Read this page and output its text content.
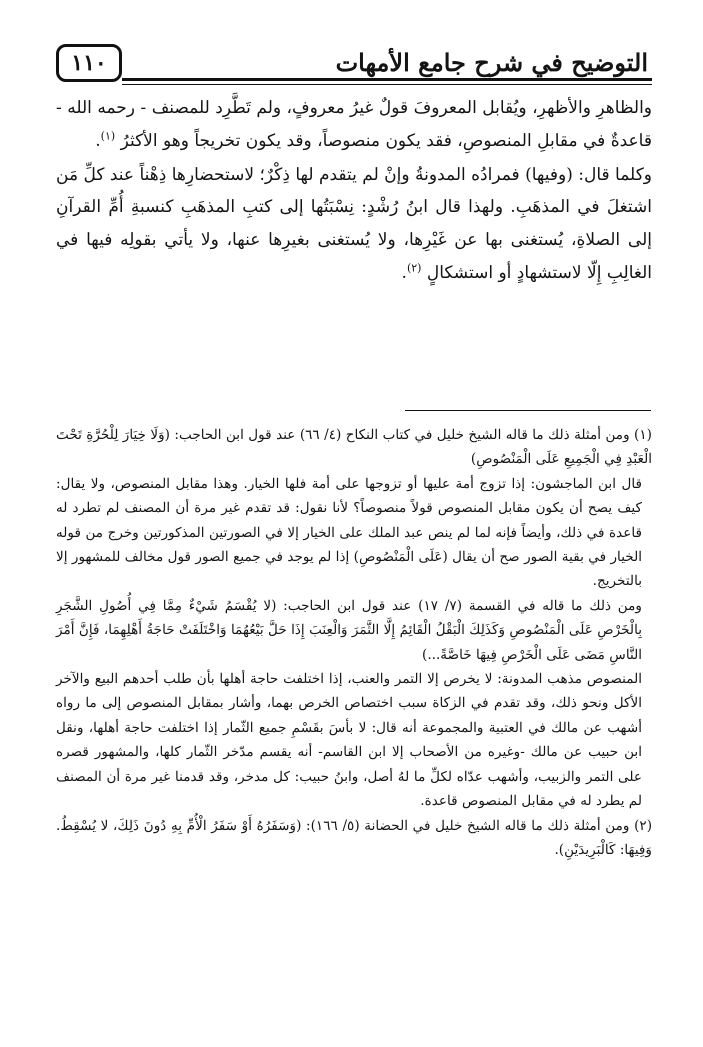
١١٠	التوضيح في شرح جامع الأمهات

والظاهرِ والأظهرِ، ويُقابل المعروفَ قولٌ غيرُ معروفٍ، ولم تَطَّرِد للمصنف - رحمه الله - قاعدةٌ في مقابلِ المنصوصِ، فقد يكون منصوصاً، وقد يكون تخريجاً وهو الأكثرُ $^{(١)}$.

وكلما قال: (وفيها) فمرادُه المدونةُ وإنْ لم يتقدم لها ذِكْرٌ؛ لاستحضارِها ذِهْناً عند كلِّ مَن اشتغلَ في المذهَبِ. ولهذا قال ابنُ رُشْدٍ: نِسْبَتُها إلى كتبِ المذهَبِ كنسبةِ أُمِّ القرآنِ إلى الصلاةِ، يُستغنى بها عن غَيْرِها، ولا يُستغنى بغيرِها عنها، ولا يأتي بقولِه فيها في الغالِبِ إِلّا لاستشهادٍ أو استشكالٍ $^{(٢)}$.

(١) ومن أمثلة ذلك ما قاله الشيخ خليل في كتاب النكاح (٤/ ٦٦) عند قول ابن الحاجب: (وَلَا خِيَارَ لِلْحُرَّةِ تَحْتَ الْعَبْدِ فِي الْجَمِيعِ عَلَى الْمَنْصُوصِ)

قال ابن الماجشون: إذا تزوج أمة عليها أو تزوجها على أمة فلها الخيار. وهذا مقابل المنصوص، ولا يقال: كيف يصح أن يكون مقابل المنصوص قولاً منصوصاً؟ لأنا نقول: قد تقدم غير مرة أن المصنف لم تطرد له قاعدة في ذلك، وأيضاً فإنه لما لم ينص عبد الملك على الخيار إلا في الصورتين المذكورتين وخرج من قوله الخيار في بقية الصور صح أن يقال (عَلَى الْمَنْصُوصِ) إذا لم يوجد في جميع الصور قول مخالف للمشهور إلا بالتخريج.

ومن ذلك ما قاله في القسمة (٧/ ١٧) عند قول ابن الحاجب: (لا يُقْسَمُ شَيْءٌ مِمَّا فِي أُصُولِ الشَّجَرِ بِالْخَرْصِ عَلَى الْمَنْصُوصِ وَكَذَلِكَ الْبَقْلُ الْقَائِمُ إِلَّا الثَّمَرَ وَالْعِنَبَ إِذَا حَلَّ بَيْعُهُمَا وَاخْتَلَفَتْ حَاجَةُ أَهْلِهِمَا، فَإِنَّ أَمْرَ النَّاسِ مَضَى عَلَى الْخَرْصِ فِيهَا خَاصَّةً...)

المنصوص مذهب المدونة: لا يخرص إلا التمر والعنب، إذا اختلفت حاجة أهلها بأن طلب أحدهم البيع والآخر الأكل ونحو ذلك، وقد تقدم في الزكاة سبب اختصاص الخرص بهما، وأشار بمقابل المنصوص إلى ما رواه أشهب عن مالك في العتبية والمجموعة أنه قال: لا بأسَ بقَسْمِ جميع الثّمار إذا اختلفت حاجة أهلها، ونقل ابن حبيب عن مالك -وغيره من الأصحاب إلا ابن القاسم- أنه يقسم مدّخر الثّمار كلها، والمشهور قصره على التمر والزبيب، وأشهب عدّاه لكلِّ ما لهُ أصل، وابنُ حبيب: كل مدخر، وقد قدمنا غير مرة أن المصنف لم يطرد له في مقابل المنصوص قاعدة.

(٢) ومن أمثلة ذلك ما قاله الشيخ خليل في الحضانة (٥/ ١٦٦): (وَسَفَرُهُ أَوْ سَفَرُ الْأُمِّ بِهِ دُونَ ذَلِكَ، لا يُسْقِطُ. وَفِيهَا: كَالْبَرِيدَيْنِ).
